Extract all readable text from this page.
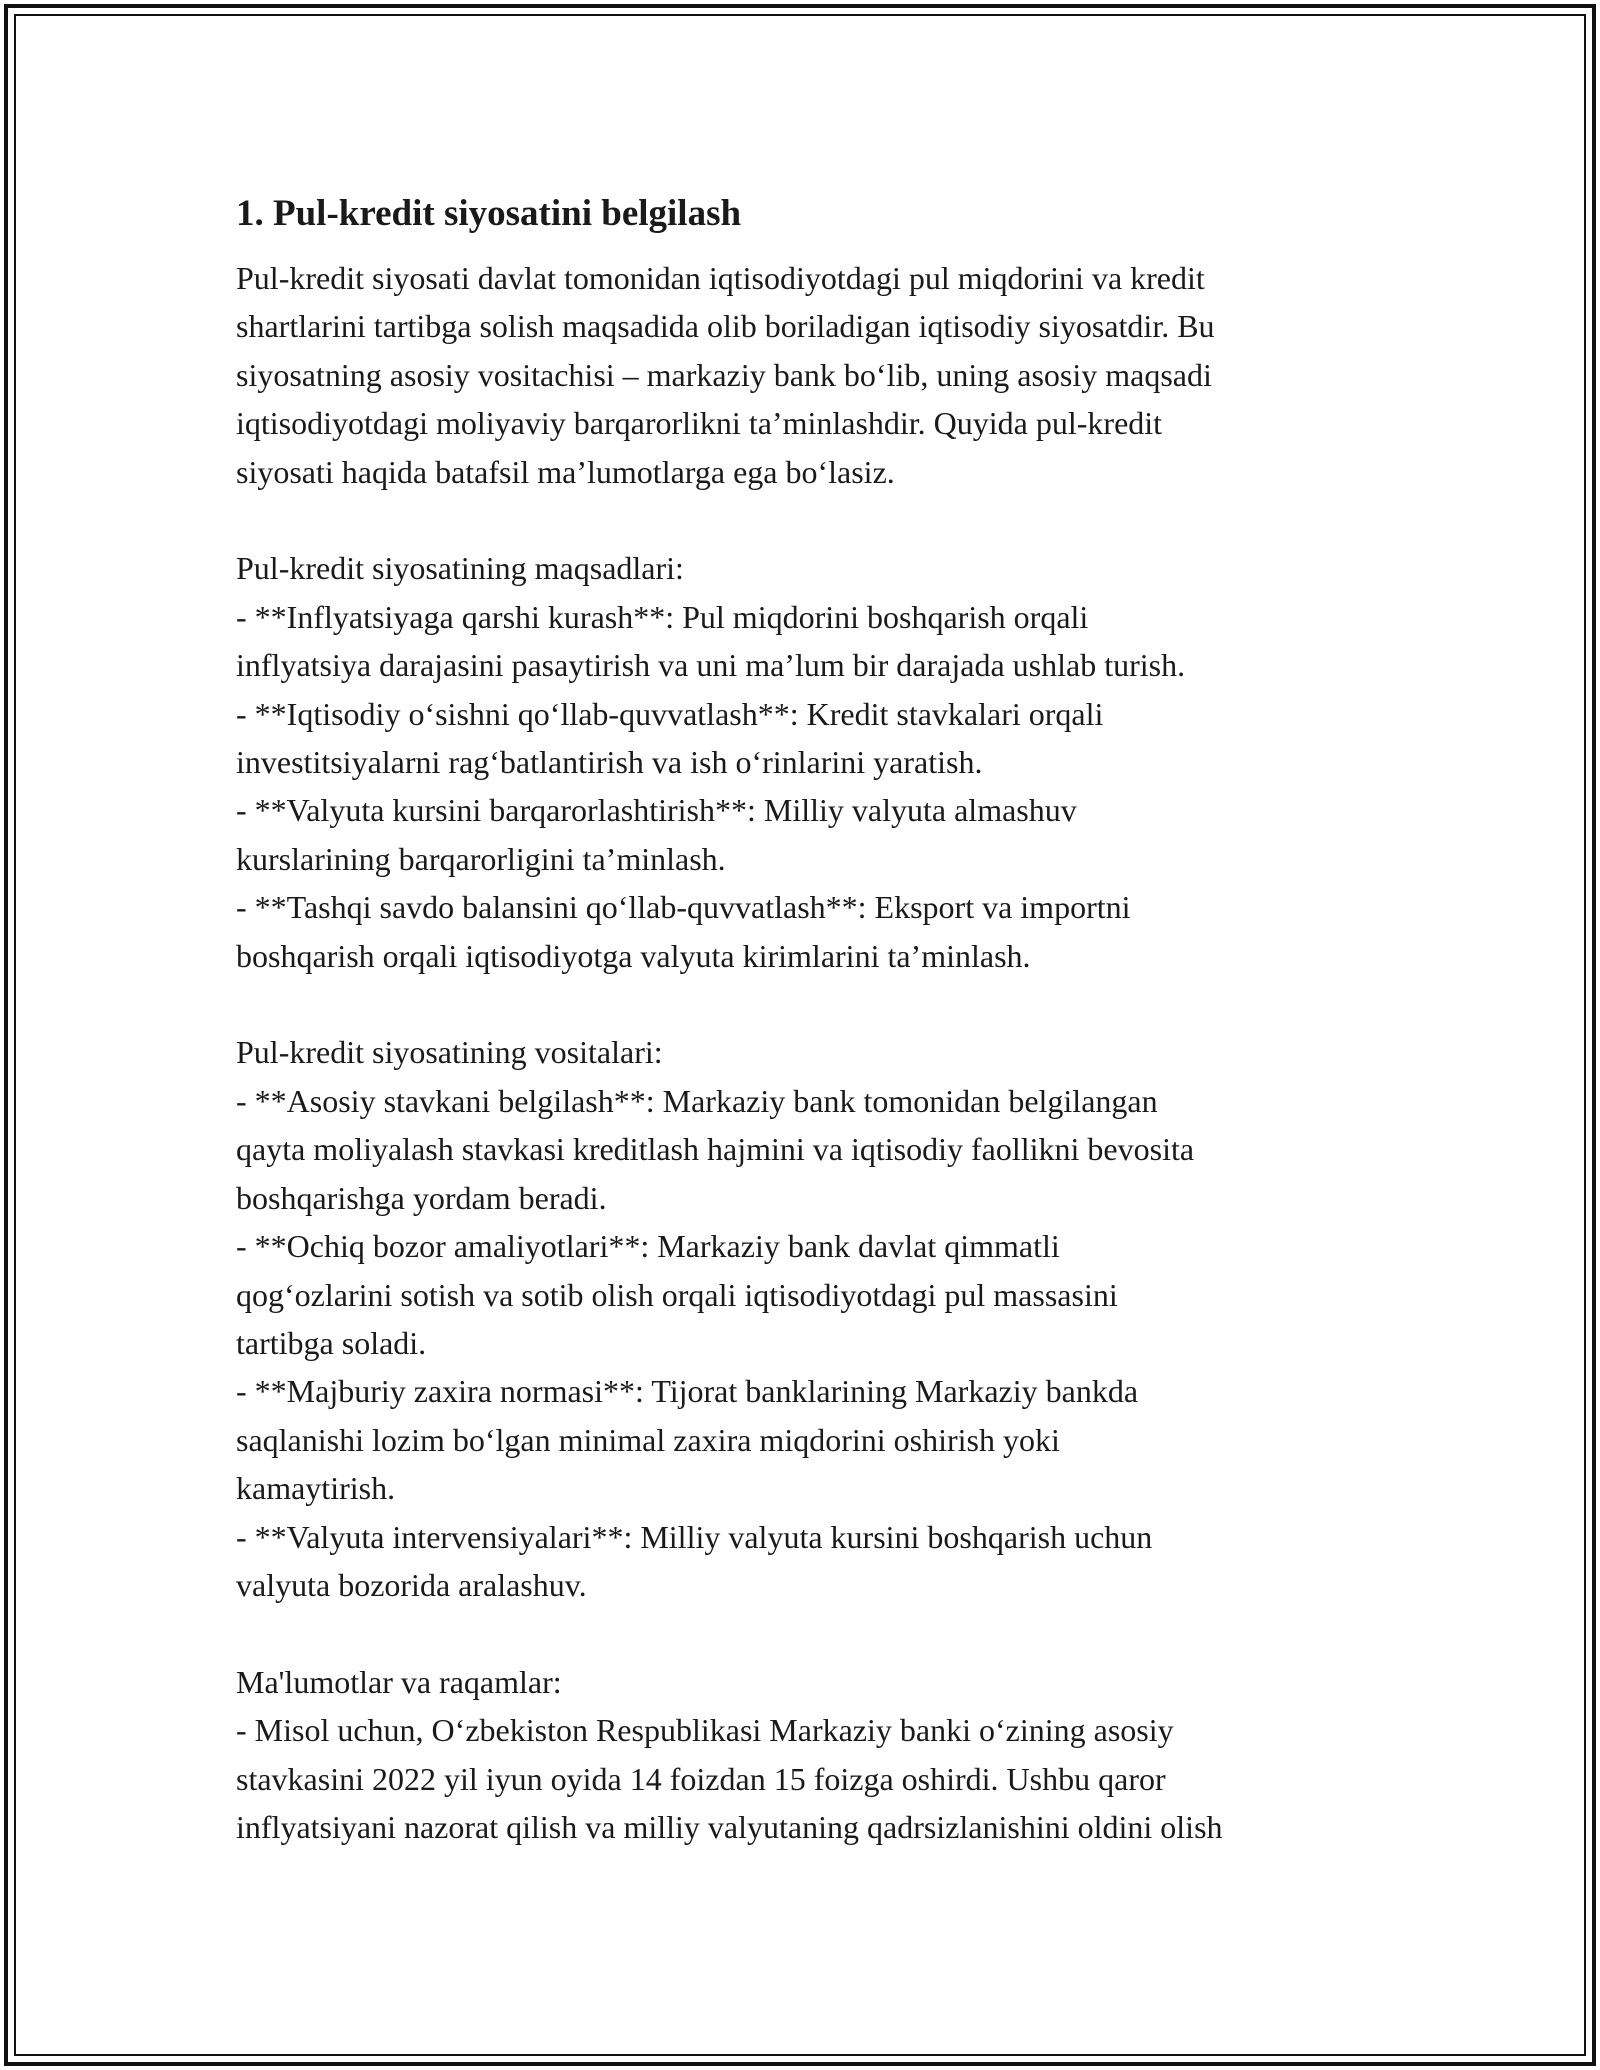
1. Pul-kredit siyosatini belgilash

Pul-kredit siyosati davlat tomonidan iqtisodiyotdagi pul miqdorini va kredit
shartlarini tartibga solish maqsadida olib boriladigan iqtisodiy siyosatdir. Bu
siyosatning asosiy vositachisi – markaziy bank boʻlib, uning asosiy maqsadi
iqtisodiyotdagi moliyaviy barqarorlikni taʼminlashdir. Quyida pul-kredit
siyosati haqida batafsil maʼlumotlarga ega boʻlasiz.

Pul-kredit siyosatining maqsadlari:

- **Inflyatsiyaga qarshi kurash**: Pul miqdorini boshqarish orqali
inflyatsiya darajasini pasaytirish va uni maʼlum bir darajada ushlab turish.

- **Iqtisodiy oʻsishni qoʻllab-quvvatlash**: Kredit stavkalari orqali
investitsiyalarni ragʻbatlantirish va ish oʻrinlarini yaratish.

- **Valyuta kursini barqarorlashtirish**: Milliy valyuta almashuv
kurslarining barqarorligini taʼminlash.

- **Tashqi savdo balansini qoʻllab-quvvatlash**: Eksport va importni
boshqarish orqali iqtisodiyotga valyuta kirimlarini taʼminlash.

Pul-kredit siyosatining vositalari:

- **Asosiy stavkani belgilash**: Markaziy bank tomonidan belgilangan
qayta moliyalash stavkasi kreditlash hajmini va iqtisodiy faollikni bevosita
boshqarishga yordam beradi.

- **Ochiq bozor amaliyotlari**: Markaziy bank davlat qimmatli
qogʻozlarini sotish va sotib olish orqali iqtisodiyotdagi pul massasini
tartibga soladi.

- **Majburiy zaxira normasi**: Tijorat banklarining Markaziy bankda
saqlanishi lozim boʻlgan minimal zaxira miqdorini oshirish yoki
kamaytirish.

- **Valyuta intervensiyalari**: Milliy valyuta kursini boshqarish uchun
valyuta bozorida aralashuv.

Ma'lumotlar va raqamlar:

- Misol uchun, Oʻzbekiston Respublikasi Markaziy banki oʻzining asosiy
stavkasini 2022 yil iyun oyida 14 foizdan 15 foizga oshirdi. Ushbu qaror
inflyatsiyani nazorat qilish va milliy valyutaning qadrsizlanishini oldini olish
